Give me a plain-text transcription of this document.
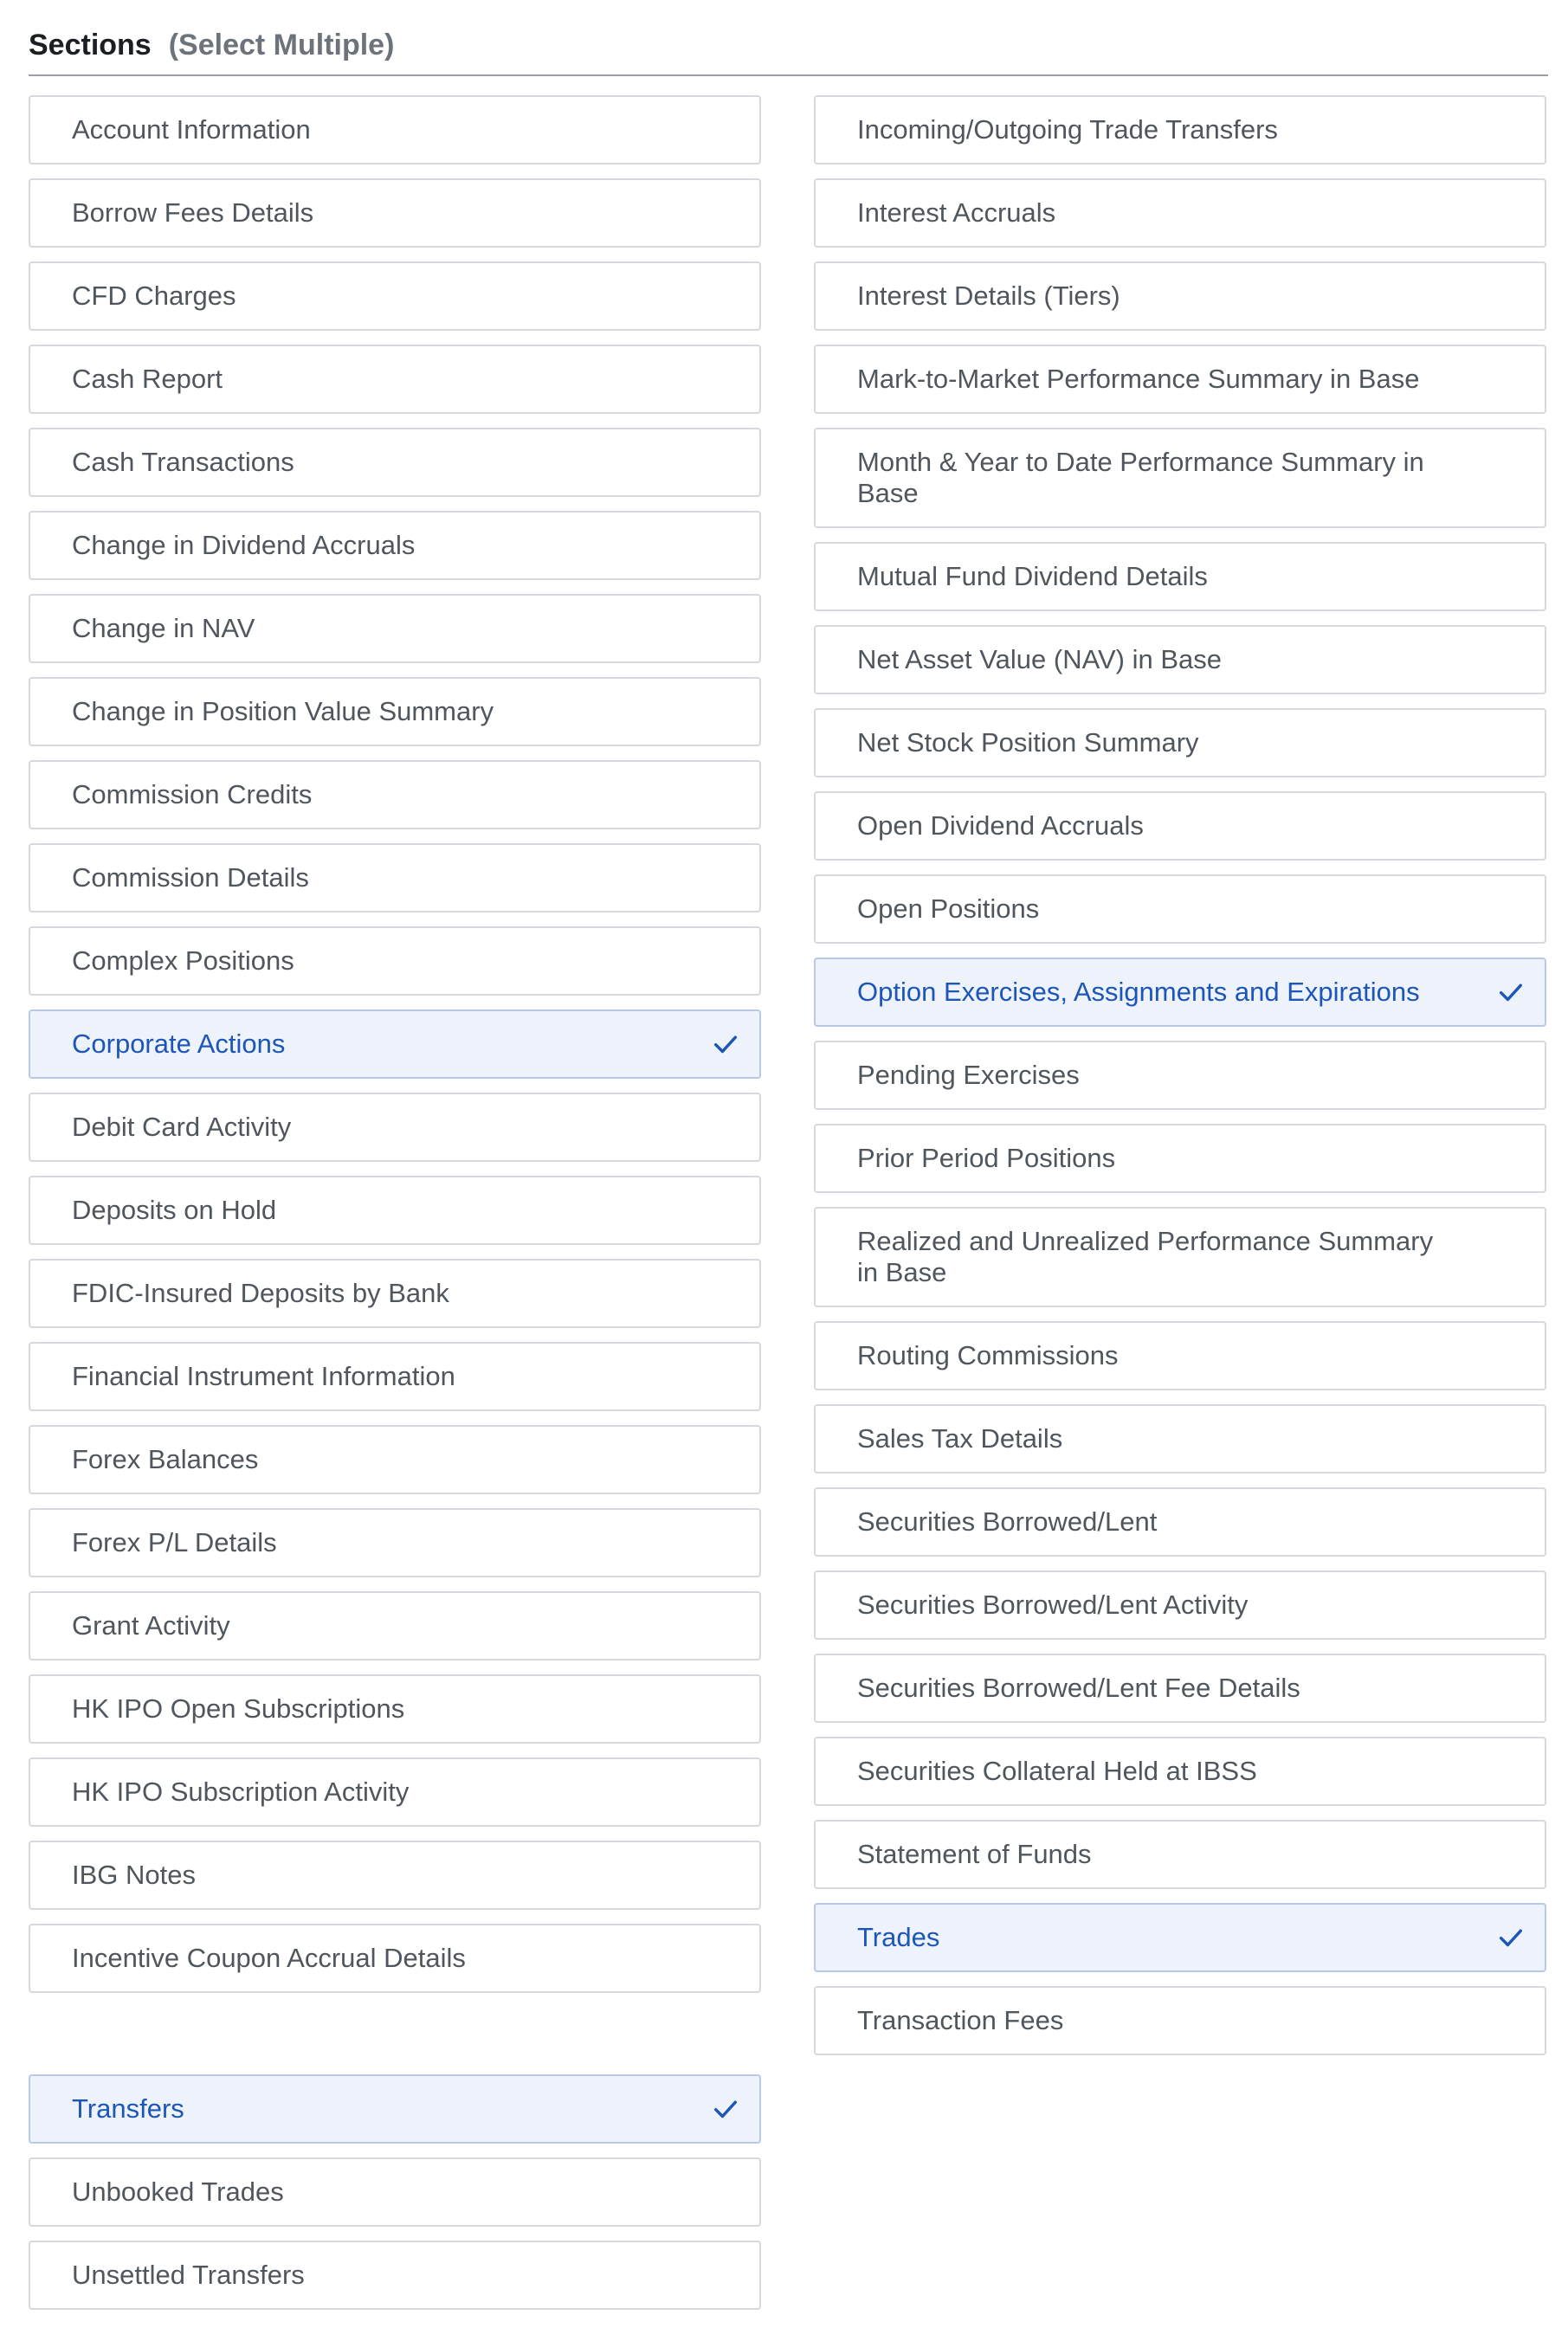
Sections (Select Multiple)
Account Information
Borrow Fees Details
CFD Charges
Cash Report
Cash Transactions
Change in Dividend Accruals
Change in NAV
Change in Position Value Summary
Commission Credits
Commission Details
Complex Positions
Corporate Actions
Debit Card Activity
Deposits on Hold
FDIC-Insured Deposits by Bank
Financial Instrument Information
Forex Balances
Forex P/L Details
Grant Activity
HK IPO Open Subscriptions
HK IPO Subscription Activity
IBG Notes
Incentive Coupon Accrual Details
Transfers
Unbooked Trades
Unsettled Transfers
Incoming/Outgoing Trade Transfers
Interest Accruals
Interest Details (Tiers)
Mark-to-Market Performance Summary in Base
Month & Year to Date Performance Summary in Base
Mutual Fund Dividend Details
Net Asset Value (NAV) in Base
Net Stock Position Summary
Open Dividend Accruals
Open Positions
Option Exercises, Assignments and Expirations
Pending Exercises
Prior Period Positions
Realized and Unrealized Performance Summary in Base
Routing Commissions
Sales Tax Details
Securities Borrowed/Lent
Securities Borrowed/Lent Activity
Securities Borrowed/Lent Fee Details
Securities Collateral Held at IBSS
Statement of Funds
Trades
Transaction Fees
